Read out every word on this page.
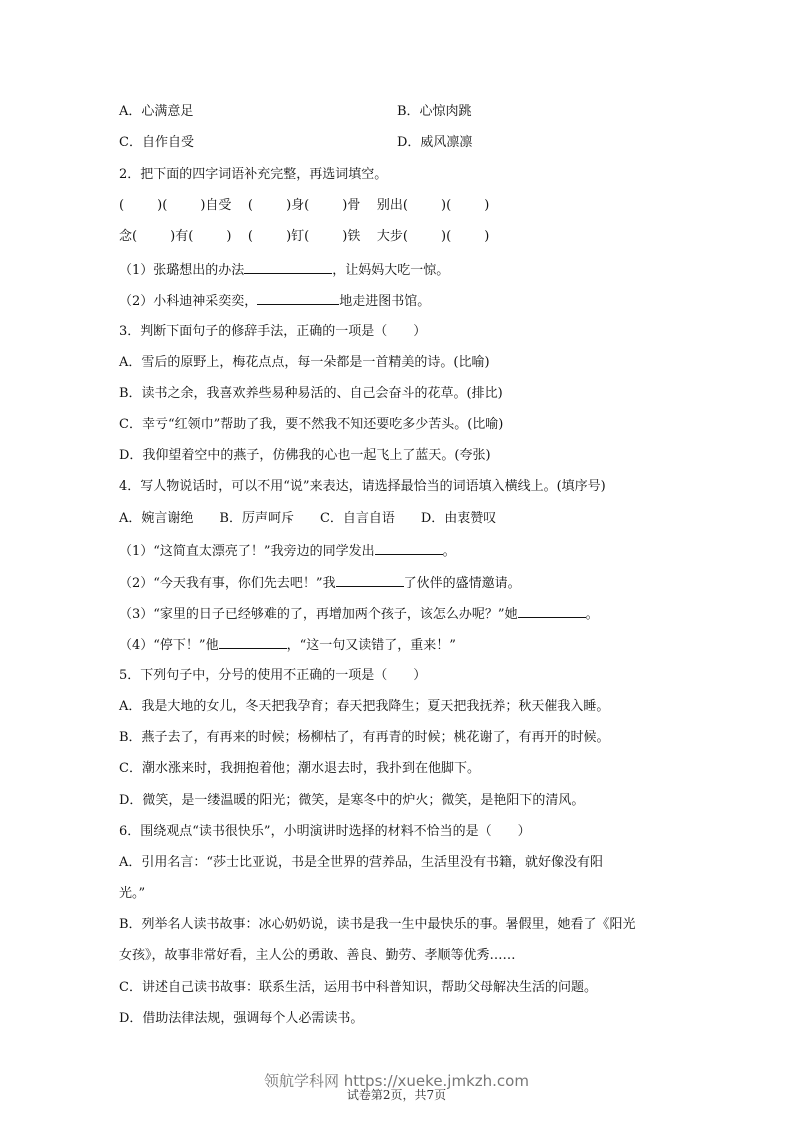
A．心满意足	B．心惊肉跳
C．自作自受	D．威风凛凛
2．把下面的四字词语补充完整，再选词填空。
(        )(        )自受    (        )身(        )骨    别出(        )(        )
念(        )有(        )    (        )钉(        )铁    大步(        )(        )
（1）张璐想出的办法	，让妈妈大吃一惊。
（2）小科迪神采奕奕，	地走进图书馆。
3．判断下面句子的修辞手法，正确的一项是（　　）
A．雪后的原野上，梅花点点，每一朵都是一首精美的诗。(比喻)
B．读书之余，我喜欢养些易种易活的、自己会奋斗的花草。(排比)
C．幸亏“红领巾”帮助了我，要不然我不知还要吃多少苦头。(比喻)
D．我仰望着空中的燕子，仿佛我的心也一起飞上了蓝天。(夸张)
4．写人物说话时，可以不用“说”来表达，请选择最恰当的词语填入横线上。(填序号)
A．婉言谢绝　　B．厉声呵斥　　C．自言自语　　D．由衷赞叹
（1）“这简直太漂亮了！”我旁边的同学发出	。
（2）“今天我有事，你们先去吧！”我	了伙伴的盛情邀请。
（3）“家里的日子已经够难的了，再增加两个孩子，该怎么办呢？”她	。
（4）“停下！”他	，“这一句又读错了，重来！”
5．下列句子中，分号的使用不正确的一项是（　　）
A．我是大地的女儿，冬天把我孕育；春天把我降生；夏天把我抚养；秋天催我入睡。
B．燕子去了，有再来的时候；杨柳枯了，有再青的时候；桃花谢了，有再开的时候。
C．潮水涨来时，我拥抱着他；潮水退去时，我扑到在他脚下。
D．微笑，是一缕温暖的阳光；微笑，是寒冬中的炉火；微笑，是艳阳下的清风。
6．围绕观点“读书很快乐”，小明演讲时选择的材料不恰当的是（　　）
A．引用名言：“莎士比亚说，书是全世界的营养品，生活里没有书籍，就好像没有阳
光。”
B．列举名人读书故事：冰心奶奶说，读书是我一生中最快乐的事。暑假里，她看了《阳光
女孩》，故事非常好看，主人公的勇敢、善良、勤劳、孝顺等优秀……
C．讲述自己读书故事：联系生活，运用书中科普知识，帮助父母解决生活的问题。
D．借助法律法规，强调每个人必需读书。
试卷第2页，共7页
领航学科网 https://xueke.jmkzh.com
